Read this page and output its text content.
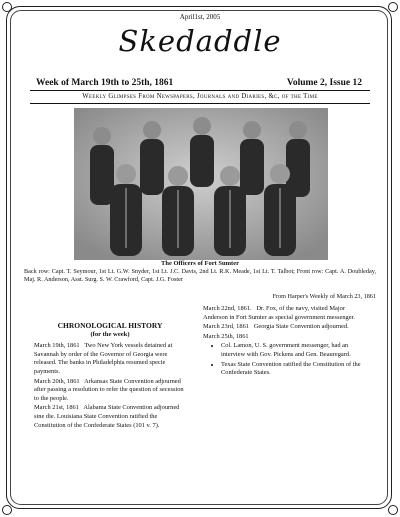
April1st, 2005
Skedaddle
Week of March 19th to 25th, 1861	Volume 2, Issue 12
Weekly Glimpses From Newspapers, Journals and Diaries, &c, of the Time
The Officers of Fort Sumter
Back row: Capt. T. Seymour, 1st Lt. G.W. Snyder, 1st Lt. J.C. Davis, 2nd Lt. R.K. Meade, 1st Lt. T. Talbot; Front row: Capt. A. Doubleday, Maj. R. Anderson, Asst. Surg. S. W. Crawford, Capt. J.G. Foster
From Harper's Weekly of March 23, 1861
CHRONOLOGICAL HISTORY
(for the week)
March 19th, 1861 Two New York vessels detained at Savannah by order of the Governor of Georgia were released. The banks in Philadelphia resumed specie payments.
March 20th, 1861 Arkansas State Convention adjourned after passing a resolution to refer the question of secession to the people.
March 21st, 1861 Alabama State Convention adjourned sine die. Louisiana State Convention ratified the Constitution of the Confederate States (101 v. 7).
March 22nd, 1861. Dr. Fox, of the navy, visited Major Anderson in Fort Sumter as special government messenger.
March 23rd, 1861 Georgia State Convention adjourned.
March 25th, 1861
• Col. Lamon, U. S. government messenger, had an interview with Gov. Pickens and Gen. Beauregard.
• Texas State Convention ratified the Constitution of the Confederate States.
